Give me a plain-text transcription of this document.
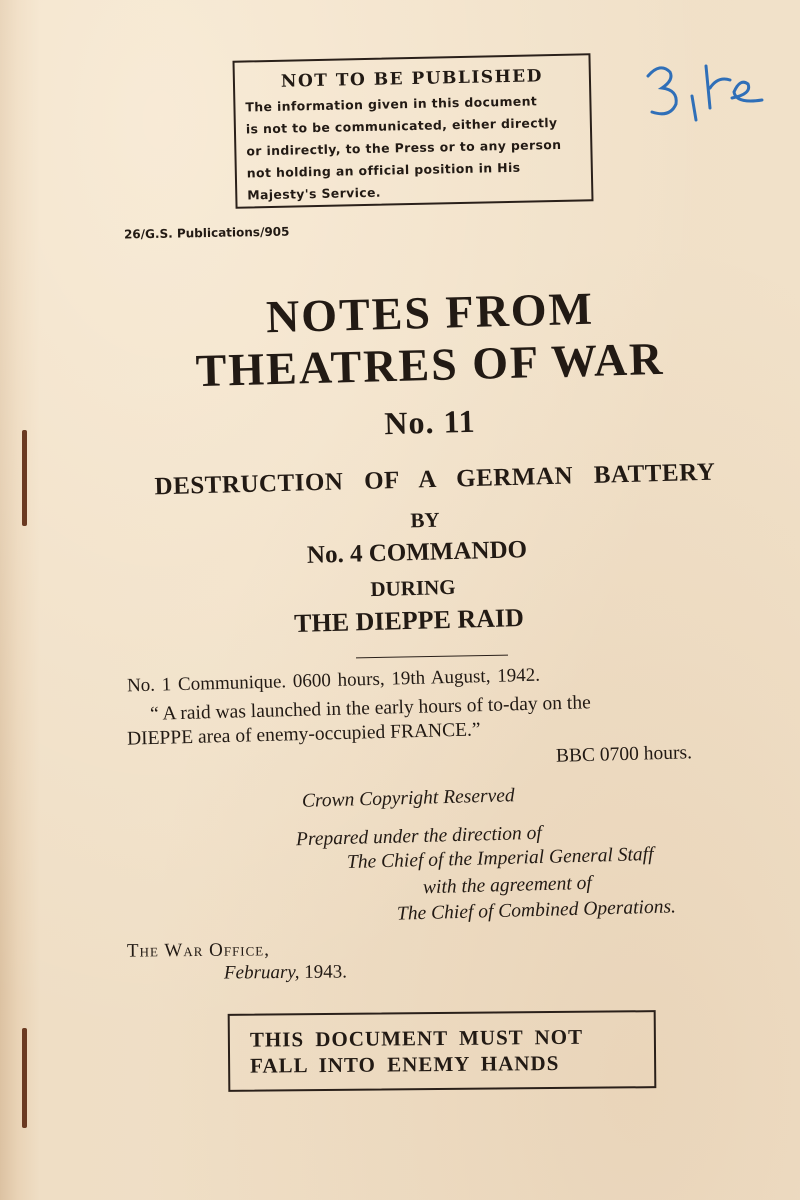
NOT TO BE PUBLISHED
The information given in this document
is not to be communicated, either directly
or indirectly, to the Press or to any person
not holding an official position in His
Majesty's Service.
26/G.S. Publications/905
NOTES FROM
THEATRES OF WAR
No. 11
DESTRUCTION OF A GERMAN BATTERY
BY
No. 4 COMMANDO
DURING
THE DIEPPE RAID
No. 1 Communique. 0600 hours, 19th August, 1942.
“ A raid was launched in the early hours of to-day on the
DIEPPE area of enemy-occupied FRANCE.”
BBC 0700 hours.
Crown Copyright Reserved
Prepared under the direction of
The Chief of the Imperial General Staff
with the agreement of
The Chief of Combined Operations.
The War Office,
February, 1943.
THIS DOCUMENT MUST NOT
FALL INTO ENEMY HANDS
